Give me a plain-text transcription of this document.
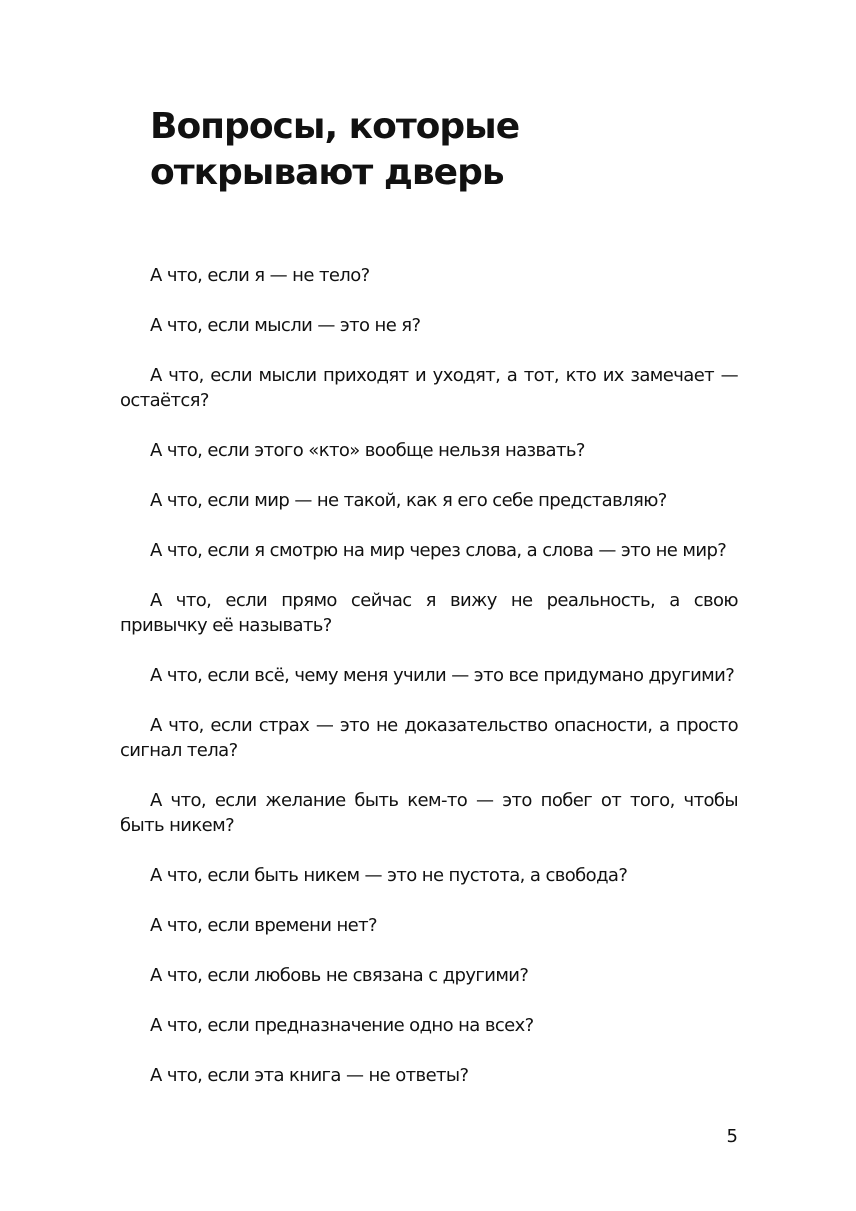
Вопросы, которые открывают дверь

А что, если я — не тело?

А что, если мысли — это не я?

А что, если мысли приходят и уходят, а тот, кто их замечает — остаётся?

А что, если этого «кто» вообще нельзя назвать?

А что, если мир — не такой, как я его себе представляю?

А что, если я смотрю на мир через слова, а слова — это не мир?

А что, если прямо сейчас я вижу не реальность, а свою привычку её называть?

А что, если всё, чему меня учили — это все придумано другими?

А что, если страх — это не доказательство опасности, а просто сигнал тела?

А что, если желание быть кем-то — это побег от того, чтобы быть никем?

А что, если быть никем — это не пустота, а свобода?

А что, если времени нет?

А что, если любовь не связана с другими?

А что, если предназначение одно на всех?

А что, если эта книга — не ответы?

5
